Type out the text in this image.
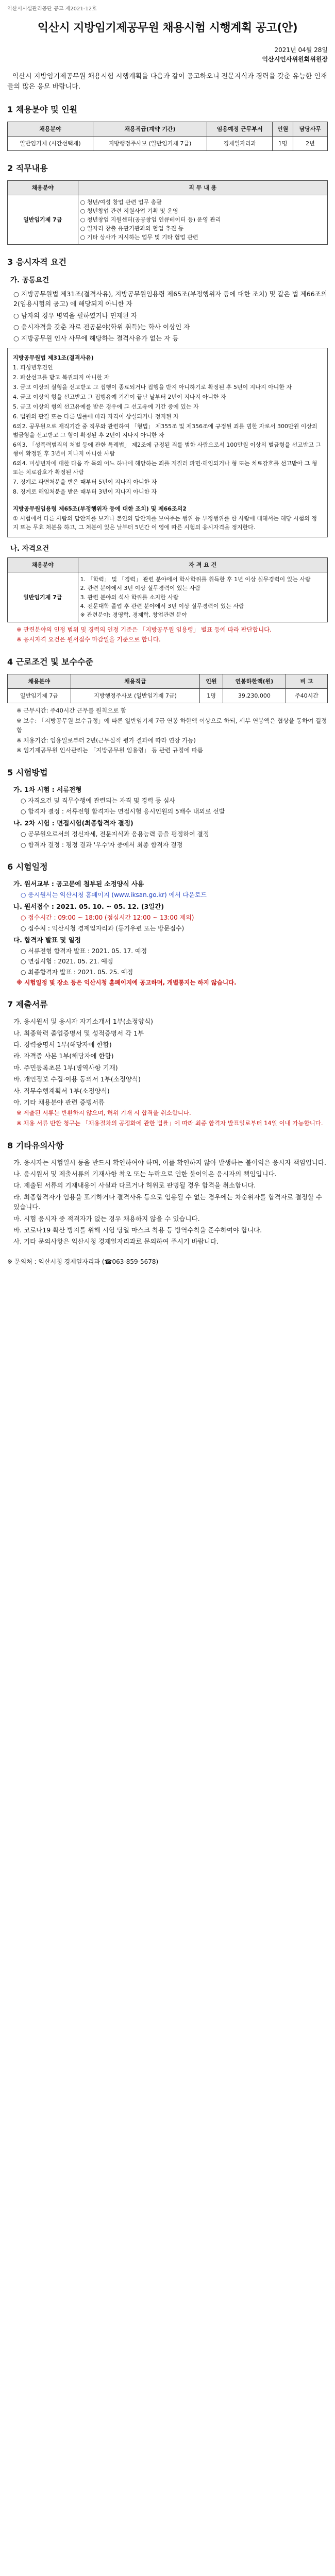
익산시시설관리공단 공고 제2021-12호
익산시 지방임기제공무원 채용시험 시행계획 공고(안)
2021년 04월 28일
익산시인사위원회위원장
익산시 지방임기제공무원 채용시험 시행계획을 다음과 같이 공고하오니 전문지식과 경력을 갖춘 유능한 인재들의 많은 응모 바랍니다.
1 채용분야 및 인원
채용분야	채용직급(계약 기간)	임용예정 근무부서	인원	담당사무
일반임기제 (시간선택제)	지방행정주사보 (일반임기제 7급)	경제일자리과	1명	2년
2 직무내용
채용분야	직 무 내 용
일반임기제 7급	○ 청년/여성 창업 관련 업무 총괄
○ 청년창업 관련 지원사업 기획 및 운영
○ 청년창업 지원센터(공공창업 인큐베이터 등) 운영 관리
○ 일자리 창출 유관기관과의 협업 추진 등
○ 기타 상사가 지시하는 업무 및 기타 협업 관련
3 응시자격 요건
가. 공통요건
○ 지방공무원법 제31조(결격사유), 지방공무원임용령 제65조(부정행위자 등에 대한 조치) 및 같은 법 제66조의2(임용시험의 공고) 에 해당되지 아니한 자
○ 남자의 경우 병역을 필하였거나 면제된 자
○ 응시자격을 갖춘 자로 전공분야(학위 취득)는 학사 이상인 자
○ 지방공무원 인사 사무에 해당하는 결격사유가 없는 자 등
지방공무원법 제31조(결격사유)
1. 피성년후견인
2. 파산선고를 받고 복권되지 아니한 자
3. 금고 이상의 실형을 선고받고 그 집행이 종료되거나 집행을 받지 아니하기로 확정된 후 5년이 지나지 아니한 자
4. 금고 이상의 형을 선고받고 그 집행유예 기간이 끝난 날부터 2년이 지나지 아니한 자
5. 금고 이상의 형의 선고유예를 받은 경우에 그 선고유예 기간 중에 있는 자
6. 법원의 판결 또는 다른 법률에 따라 자격이 상실되거나 정지된 자
6의2. 공무원으로 재직기간 중 직무와 관련하여 「형법」 제355조 및 제356조에 규정된 죄를 범한 자로서 300만원 이상의 벌금형을 선고받고 그 형이 확정된 후 2년이 지나지 아니한 자
6의3. 「성폭력범죄의 처벌 등에 관한 특례법」 제2조에 규정된 죄를 범한 사람으로서 100만원 이상의 벌금형을 선고받고 그 형이 확정된 후 3년이 지나지 아니한 사람
6의4. 미성년자에 대한 다음 각 목의 어느 하나에 해당하는 죄를 저질러 파면·해임되거나 형 또는 치료감호를 선고받아 그 형 또는 치료감호가 확정된 사람
7. 징계로 파면처분을 받은 때부터 5년이 지나지 아니한 자
8. 징계로 해임처분을 받은 때부터 3년이 지나지 아니한 자
지방공무원임용령 제65조(부정행위자 등에 대한 조치) 및 제66조의2
① 시험에서 다른 사람의 답안지를 보거나 본인의 답안지를 보여주는 행위 등 부정행위를 한 사람에 대해서는 해당 시험의 정지 또는 무효 처분을 하고, 그 처분이 있은 날부터 5년간 이 영에 따른 시험의 응시자격을 정지한다.
나. 자격요건
채용분야	자 격 요 건
일반임기제 7급	1. 「학력」 및 「경력」 관련 분야에서 학사학위를 취득한 후 1년 이상 실무경력이 있는 사람
2. 관련 분야에서 3년 이상 실무경력이 있는 사람
3. 관련 분야의 석사 학위를 소지한 사람
4. 전문대학 졸업 후 관련 분야에서 3년 이상 실무경력이 있는 사람
※ 관련분야: 경영학, 경제학, 창업관련 분야
※ 관련분야의 인정 범위 및 경력의 인정 기준은 「지방공무원 임용령」 별표 등에 따라 판단합니다.
※ 응시자격 요건은 원서접수 마감일을 기준으로 합니다.
4 근로조건 및 보수수준
채용분야	채용직급	인원	연봉하한액(원)	비 고
일반임기제 7급	지방행정주사보 (일반임기제 7급)	1명	39,230,000	주40시간
※ 근무시간: 주40시간 근무를 원칙으로 함
※ 보수: 「지방공무원 보수규정」에 따른 일반임기제 7급 연봉 하한액 이상으로 하되, 세부 연봉액은 협상을 통하여 결정함
※ 채용기간: 임용일로부터 2년(근무실적 평가 결과에 따라 연장 가능)
※ 임기제공무원 인사관리는 「지방공무원 임용령」 등 관련 규정에 따름
5 시험방법
가. 1차 시험 : 서류전형
○ 자격요건 및 직무수행에 관련되는 자격 및 경력 등 심사
○ 합격자 결정 : 서류전형 합격자는 면접시험 응시인원의 5배수 내외로 선발
나. 2차 시험 : 면접시험(최종합격자 결정)
○ 공무원으로서의 정신자세, 전문지식과 응용능력 등을 평정하여 결정
○ 합격자 결정 : 평정 결과 '우수'자 중에서 최종 합격자 결정
6 시험일정
가. 원서교부 : 공고문에 첨부된 소정양식 사용
○ 응시원서는 익산시청 홈페이지 (www.iksan.go.kr) 에서 다운로드
나. 원서접수 : 2021. 05. 10. ~ 05. 12. (3일간)
○ 접수시간 : 09:00 ~ 18:00 (점심시간 12:00 ~ 13:00 제외)
○ 접수처 : 익산시청 경제일자리과 (등기우편 또는 방문접수)
다. 합격자 발표 및 일정
○ 서류전형 합격자 발표 : 2021. 05. 17. 예정
○ 면접시험 : 2021. 05. 21. 예정
○ 최종합격자 발표 : 2021. 05. 25. 예정
※ 시험일정 및 장소 등은 익산시청 홈페이지에 공고하며, 개별통지는 하지 않습니다.
7 제출서류
가. 응시원서 및 응시자 자기소개서 1부(소정양식)
나. 최종학력 졸업증명서 및 성적증명서 각 1부
다. 경력증명서 1부(해당자에 한함)
라. 자격증 사본 1부(해당자에 한함)
마. 주민등록초본 1부(병역사항 기재)
바. 개인정보 수집·이용 동의서 1부(소정양식)
사. 직무수행계획서 1부(소정양식)
아. 기타 채용분야 관련 증빙서류
※ 제출된 서류는 반환하지 않으며, 허위 기재 시 합격을 취소합니다.
※ 채용 서류 반환 청구는 「채용절차의 공정화에 관한 법률」에 따라 최종 합격자 발표일로부터 14일 이내 가능합니다.
8 기타유의사항
가. 응시자는 시험일시 등을 반드시 확인하여야 하며, 이를 확인하지 않아 발생하는 불이익은 응시자 책임입니다.
나. 응시원서 및 제출서류의 기재사항 착오 또는 누락으로 인한 불이익은 응시자의 책임입니다.
다. 제출된 서류의 기재내용이 사실과 다르거나 허위로 판명될 경우 합격을 취소합니다.
라. 최종합격자가 임용을 포기하거나 결격사유 등으로 임용될 수 없는 경우에는 차순위자를 합격자로 결정할 수 있습니다.
마. 시험 응시자 중 적격자가 없는 경우 채용하지 않을 수 있습니다.
바. 코로나19 확산 방지를 위해 시험 당일 마스크 착용 등 방역수칙을 준수하여야 합니다.
사. 기타 문의사항은 익산시청 경제일자리과로 문의하여 주시기 바랍니다.
※ 문의처 : 익산시청 경제일자리과 (☎063-859-5678)
